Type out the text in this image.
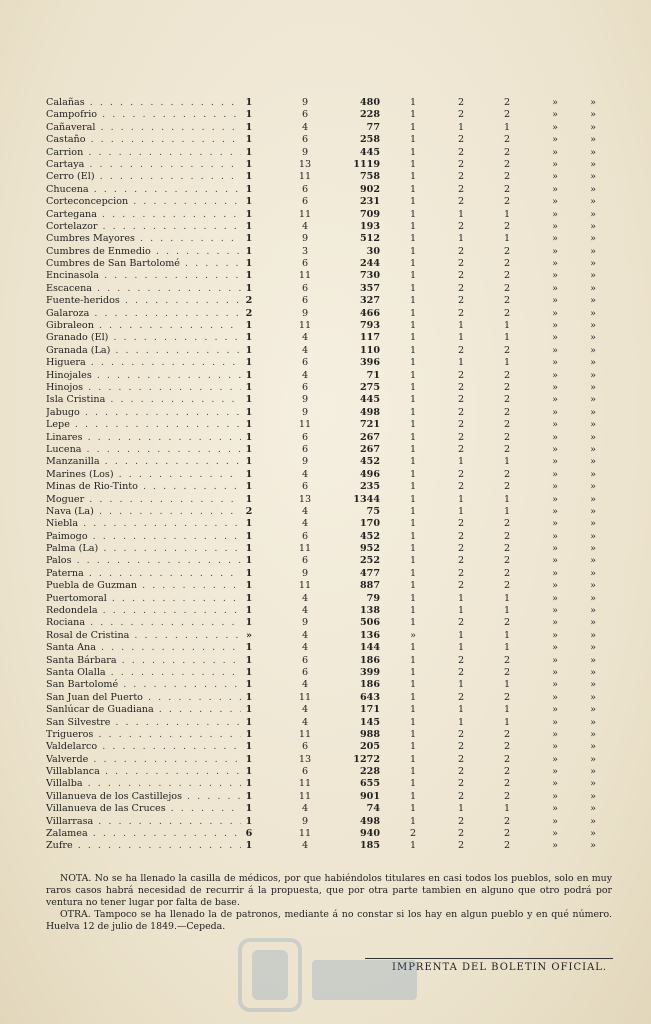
Calañas . . .	1	9	480	1	2	2	»	»
Campofrio . . .	1	6	228	1	2	2	»	»
Cañaveral . . .	1	4	77	1	1	1	»	»
Castaño . . .	1	6	258	1	2	2	»	»
Carrion . . .	1	9	445	1	2	2	»	»
Cartaya . . .	1	13	1119	1	2	2	»	»
Cerro (El) . . .	1	11	758	1	2	2	»	»
Chucena . . .	1	6	902	1	2	2	»	»
Corteconcepcion . . .	1	6	231	1	2	2	»	»
Cartegana . . .	1	11	709	1	1	1	»	»
Cortelazor . . .	1	4	193	1	2	2	»	»
Cumbres Mayores . . .	1	9	512	1	1	1	»	»
Cumbres de Enmedio . . .	1	3	30	1	2	2	»	»
Cumbres de San Bartolomé . . .	1	6	244	1	2	2	»	»
Encinasola . . .	1	11	730	1	2	2	»	»
Escacena . . .	1	6	357	1	2	2	»	»
Fuente-heridos . . .	2	6	327	1	2	2	»	»
Galaroza . . .	2	9	466	1	2	2	»	»
Gibraleon . . .	1	11	793	1	1	1	»	»
Granado (El) . . .	1	4	117	1	1	1	»	»
Granada (La) . . .	1	4	110	1	2	2	»	»
Higuera . . .	1	6	396	1	1	1	»	»
Hinojales . . .	1	4	71	1	2	2	»	»
Hinojos . . .	1	6	275	1	2	2	»	»
Isla Cristina . . .	1	9	445	1	2	2	»	»
Jabugo . . .	1	9	498	1	2	2	»	»
Lepe . . .	1	11	721	1	2	2	»	»
Linares . . .	1	6	267	1	2	2	»	»
Lucena . . .	1	6	267	1	2	2	»	»
Manzanilla . . .	1	9	452	1	1	1	»	»
Marines (Los) . . .	1	4	496	1	2	2	»	»
Minas de Rio-Tinto . . .	1	6	235	1	2	2	»	»
Moguer . . .	1	13	1344	1	1	1	»	»
Nava (La) . . .	2	4	75	1	1	1	»	»
Niebla . . .	1	4	170	1	2	2	»	»
Paimogo . . .	1	6	452	1	2	2	»	»
Palma (La) . . .	1	11	952	1	2	2	»	»
Palos . . .	1	6	252	1	2	2	»	»
Paterna . . .	1	9	477	1	2	2	»	»
Puebla de Guzman . . .	1	11	887	1	2	2	»	»
Puertomoral . . .	1	4	79	1	1	1	»	»
Redondela . . .	1	4	138	1	1	1	»	»
Rociana . . .	1	9	506	1	2	2	»	»
Rosal de Cristina . . .	»	4	136	»	1	1	»	»
Santa Ana . . .	1	4	144	1	1	1	»	»
Santa Bárbara . . .	1	6	186	1	2	2	»	»
Santa Olalla . . .	1	6	399	1	2	2	»	»
San Bartolomé . . .	1	4	186	1	1	1	»	»
San Juan del Puerto . . .	1	11	643	1	2	2	»	»
Sanlúcar de Guadiana . . .	1	4	171	1	1	1	»	»
San Silvestre . . .	1	4	145	1	1	1	»	»
Trigueros . . .	1	11	988	1	2	2	»	»
Valdelarco . . .	1	6	205	1	2	2	»	»
Valverde . . .	1	13	1272	1	2	2	»	»
Villablanca . . .	1	6	228	1	2	2	»	»
Villalba . . .	1	11	655	1	2	2	»	»
Villanueva de los Castillejos . . .	1	11	901	1	2	2	»	»
Villanueva de las Cruces . . .	1	4	74	1	1	1	»	»
Villarrasa . . .	1	9	498	1	2	2	»	»
Zalamea . . .	6	11	940	2	2	2	»	»
Zufre . . .	1	4	185	1	2	2	»	»

NOTA. No se ha llenado la casilla de médicos, por que habiéndolos titulares en casi todos los pueblos, solo en muy raros casos habrá necesidad de recurrir á la propuesta, que por otra parte tambien en alguno que otro podrá por ventura no tener lugar por falta de base.

OTRA. Tampoco se ha llenado la de patronos, mediante á no constar si los hay en algun pueblo y en qué número. Huelva 12 de julio de 1849.—Cepeda.

IMPRENTA DEL BOLETIN OFICIAL.
